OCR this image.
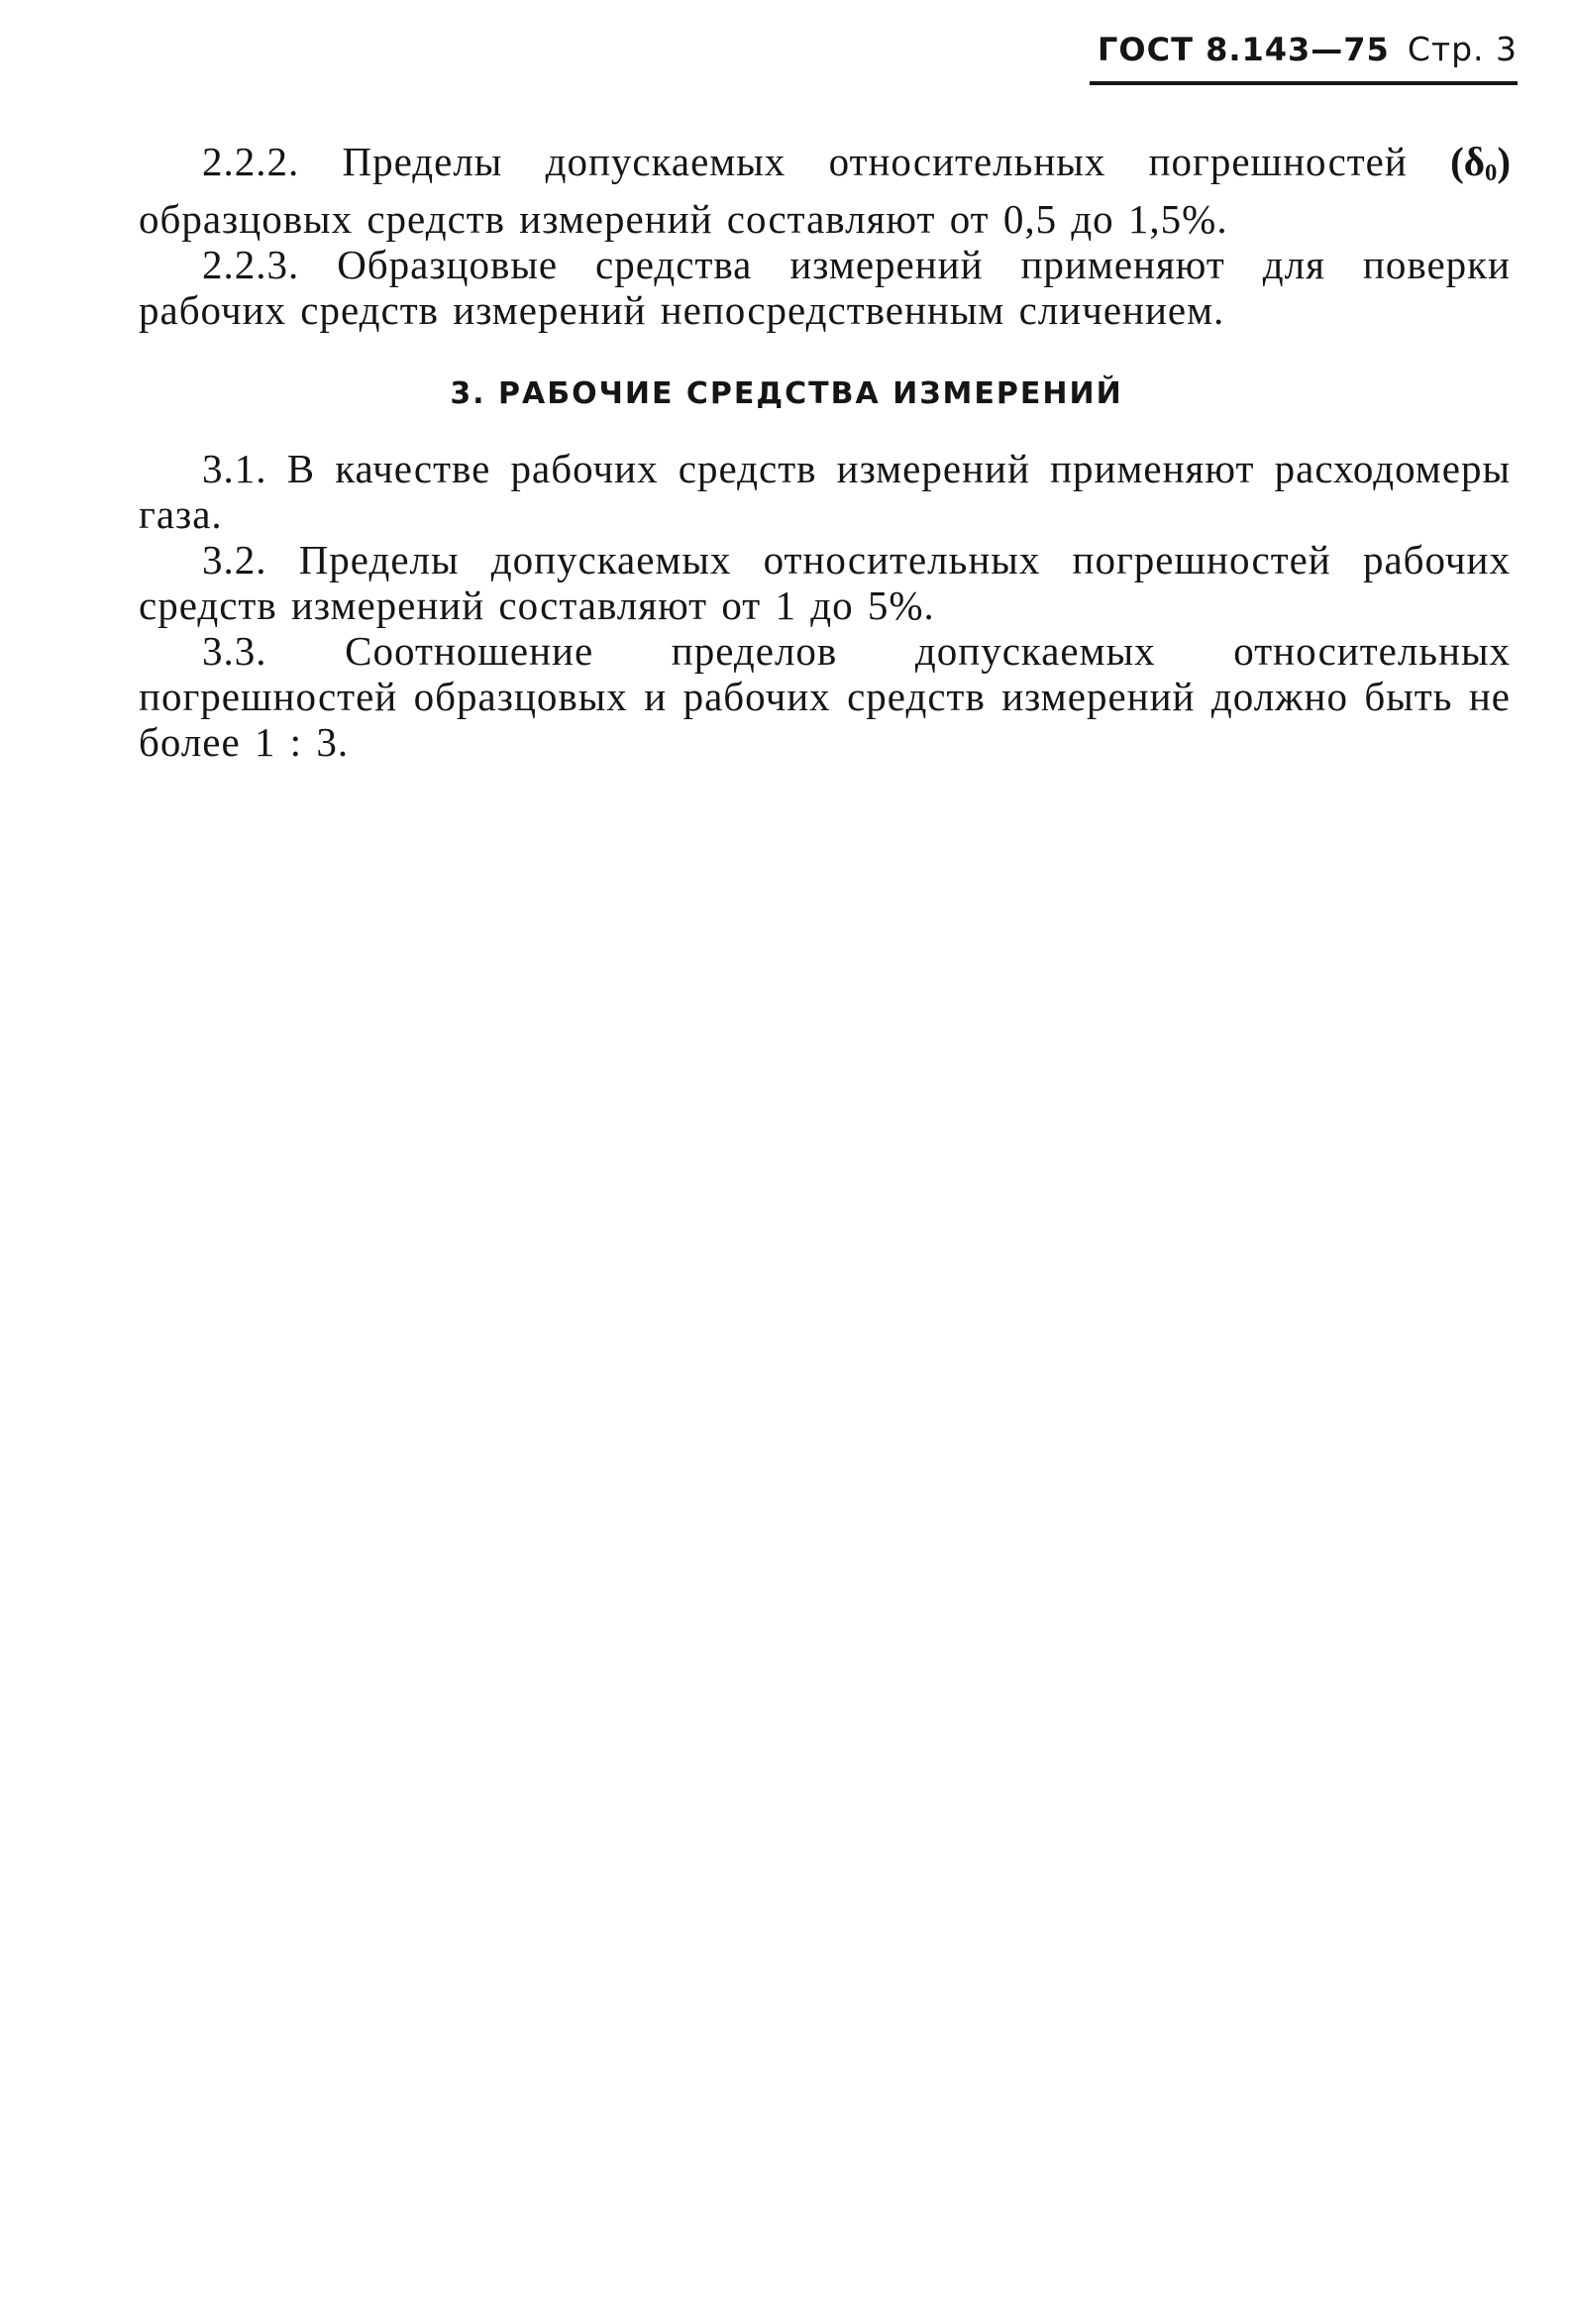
ГОСТ 8.143—75 Стр. 3

2.2.2. Пределы допускаемых относительных погрешностей $(\delta_0)$ образцовых средств измерений составляют от 0,5 до 1,5%.

2.2.3. Образцовые средства измерений применяют для поверки рабочих средств измерений непосредственным сличением.

3. РАБОЧИЕ СРЕДСТВА ИЗМЕРЕНИЙ

3.1. В качестве рабочих средств измерений применяют расходомеры газа.

3.2. Пределы допускаемых относительных погрешностей рабочих средств измерений составляют от 1 до 5%.

3.3. Соотношение пределов допускаемых относительных погрешностей образцовых и рабочих средств измерений должно быть не более 1 : 3.
